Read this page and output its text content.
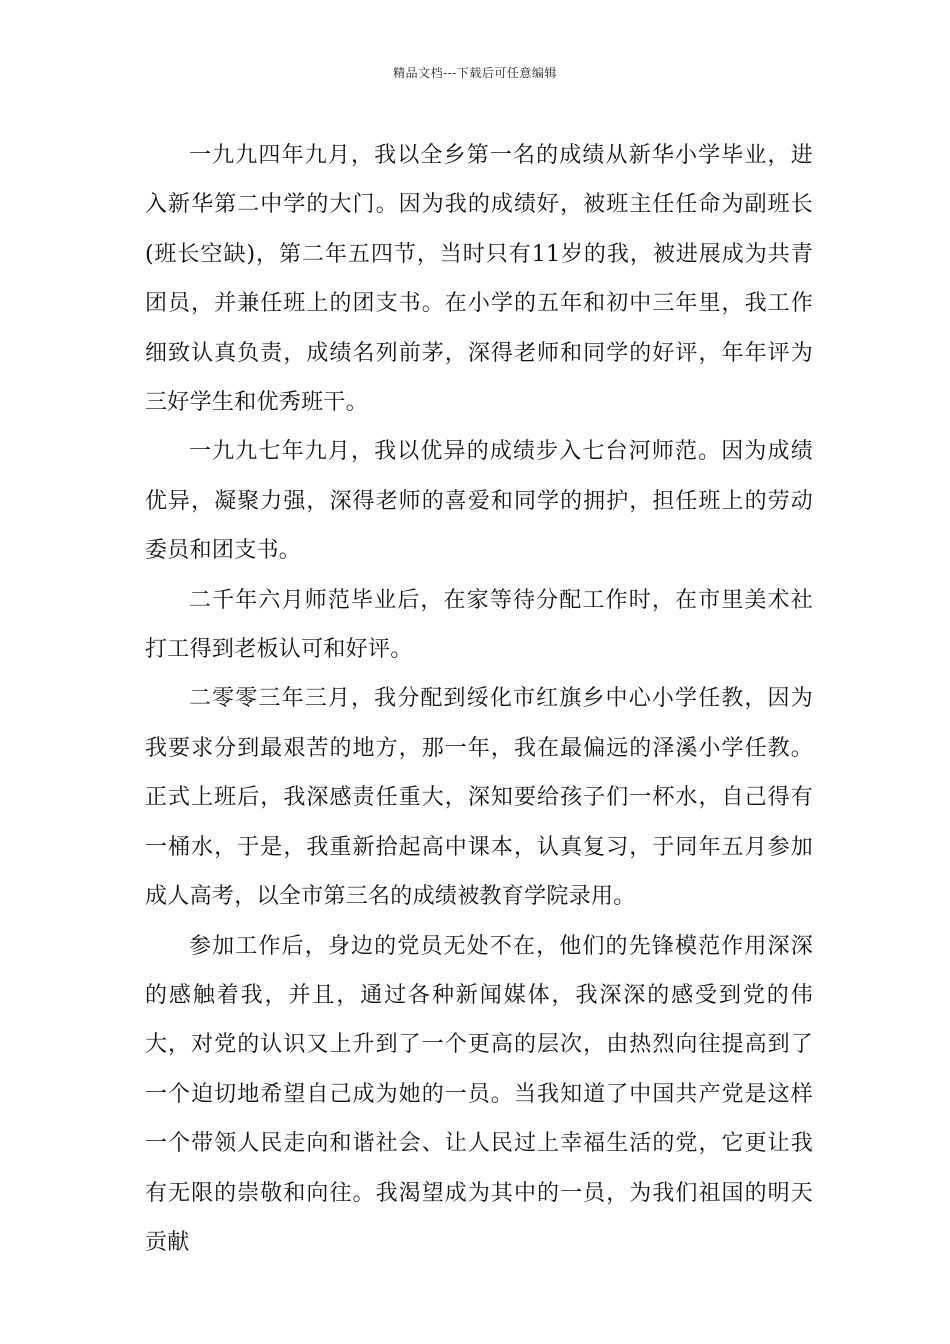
精品文档---下载后可任意编辑

一九九四年九月，我以全乡第一名的成绩从新华小学毕业，进入新华第二中学的大门。因为我的成绩好，被班主任任命为副班长(班长空缺)，第二年五四节，当时只有11岁的我，被进展成为共青团员，并兼任班上的团支书。在小学的五年和初中三年里，我工作细致认真负责，成绩名列前茅，深得老师和同学的好评，年年评为三好学生和优秀班干。

一九九七年九月，我以优异的成绩步入七台河师范。因为成绩优异，凝聚力强，深得老师的喜爱和同学的拥护，担任班上的劳动委员和团支书。

二千年六月师范毕业后，在家等待分配工作时，在市里美术社打工得到老板认可和好评。

二零零三年三月，我分配到绥化市红旗乡中心小学任教，因为我要求分到最艰苦的地方，那一年，我在最偏远的泽溪小学任教。正式上班后，我深感责任重大，深知要给孩子们一杯水，自己得有一桶水，于是，我重新拾起高中课本，认真复习，于同年五月参加成人高考，以全市第三名的成绩被教育学院录用。

参加工作后，身边的党员无处不在，他们的先锋模范作用深深的感触着我，并且，通过各种新闻媒体，我深深的感受到党的伟大，对党的认识又上升到了一个更高的层次，由热烈向往提高到了一个迫切地希望自己成为她的一员。当我知道了中国共产党是这样一个带领人民走向和谐社会、让人民过上幸福生活的党，它更让我有无限的崇敬和向往。我渴望成为其中的一员，为我们祖国的明天贡献
